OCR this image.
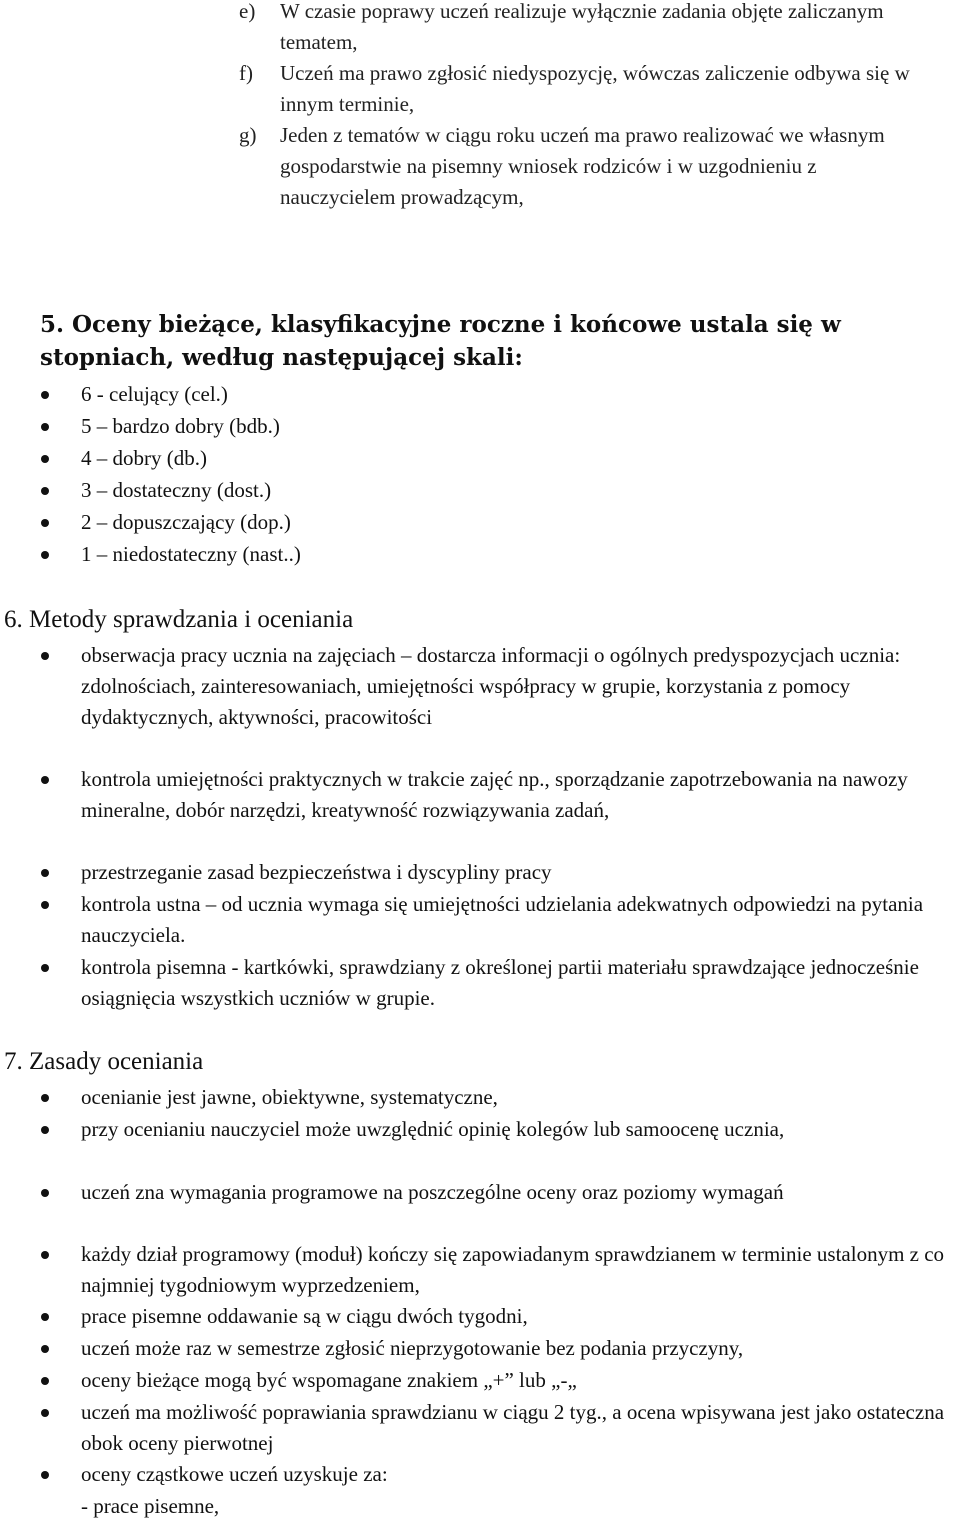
e) W czasie poprawy uczeń realizuje wyłącznie zadania objęte zaliczanym tematem,
f) Uczeń ma prawo zgłosić niedyspozycję, wówczas zaliczenie odbywa się w innym terminie,
g) Jeden z tematów w ciągu roku uczeń ma prawo realizować we własnym gospodarstwie na pisemny wniosek rodziców i w uzgodnieniu z nauczycielem prowadzącym,
5. Oceny bieżące, klasyfikacyjne roczne i końcowe ustala się w stopniach, według następującej skali:
6 - celujący (cel.)
5 – bardzo dobry (bdb.)
4 – dobry (db.)
3 – dostateczny (dost.)
2 – dopuszczający (dop.)
1 – niedostateczny (nast..)
6. Metody sprawdzania i oceniania
obserwacja pracy ucznia na zajęciach – dostarcza informacji o ogólnych predyspozycjach ucznia: zdolnościach, zainteresowaniach, umiejętności współpracy w grupie, korzystania z pomocy dydaktycznych, aktywności, pracowitości
kontrola umiejętności praktycznych w trakcie zajęć np., sporządzanie zapotrzebowania na nawozy mineralne, dobór narzędzi, kreatywność rozwiązywania zadań,
przestrzeganie zasad bezpieczeństwa i dyscypliny pracy
kontrola ustna – od ucznia wymaga się umiejętności udzielania adekwatnych odpowiedzi na pytania nauczyciela.
kontrola pisemna - kartkówki, sprawdziany z określonej partii materiału sprawdzające jednocześnie osiągnięcia wszystkich uczniów w grupie.
7. Zasady oceniania
ocenianie jest jawne, obiektywne, systematyczne,
przy ocenianiu nauczyciel może uwzględnić opinię kolegów lub samoocenę ucznia,
uczeń zna wymagania programowe na poszczególne oceny oraz poziomy wymagań
każdy dział programowy (moduł) kończy się zapowiadanym sprawdzianem w terminie ustalonym z co najmniej tygodniowym wyprzedzeniem,
prace pisemne oddawanie są w ciągu dwóch tygodni,
uczeń może raz w semestrze zgłosić nieprzygotowanie bez podania przyczyny,
oceny bieżące mogą być wspomagane znakiem „+” lub „-„
uczeń ma możliwość poprawiania sprawdzianu w ciągu 2 tyg., a ocena wpisywana jest jako ostateczna obok oceny pierwotnej
oceny cząstkowe uczeń uzyskuje za:
- prace pisemne,
